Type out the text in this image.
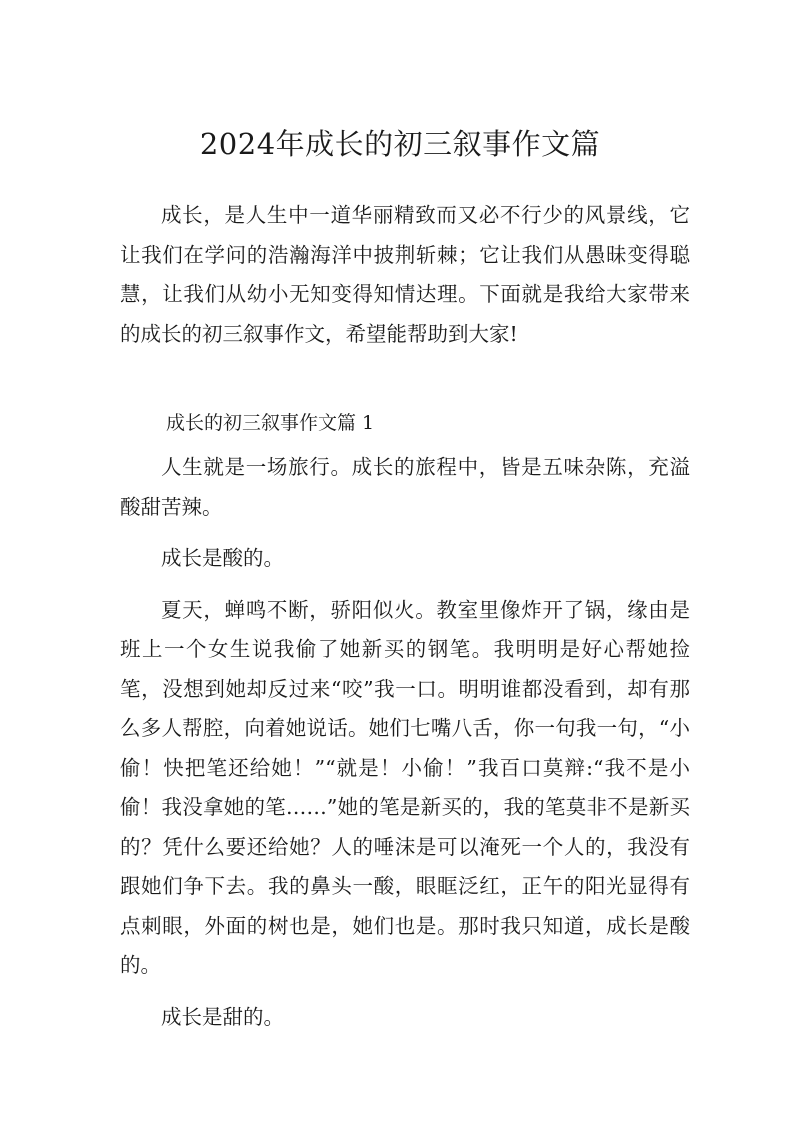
2024年成长的初三叙事作文篇

成长，是人生中一道华丽精致而又必不行少的风景线，它让我们在学问的浩瀚海洋中披荆斩棘；它让我们从愚昧变得聪慧，让我们从幼小无知变得知情达理。下面就是我给大家带来的成长的初三叙事作文，希望能帮助到大家!

成长的初三叙事作文篇 1

人生就是一场旅行。成长的旅程中，皆是五味杂陈，充溢酸甜苦辣。

成长是酸的。

夏天，蝉鸣不断，骄阳似火。教室里像炸开了锅，缘由是班上一个女生说我偷了她新买的钢笔。我明明是好心帮她捡笔，没想到她却反过来“咬”我一口。明明谁都没看到，却有那么多人帮腔，向着她说话。她们七嘴八舌，你一句我一句，“小偷！快把笔还给她！”“就是！小偷！”我百口莫辩:“我不是小偷！我没拿她的笔……”她的笔是新买的，我的笔莫非不是新买的？凭什么要还给她？人的唾沫是可以淹死一个人的，我没有跟她们争下去。我的鼻头一酸，眼眶泛红，正午的阳光显得有点刺眼，外面的树也是，她们也是。那时我只知道，成长是酸的。

成长是甜的。
